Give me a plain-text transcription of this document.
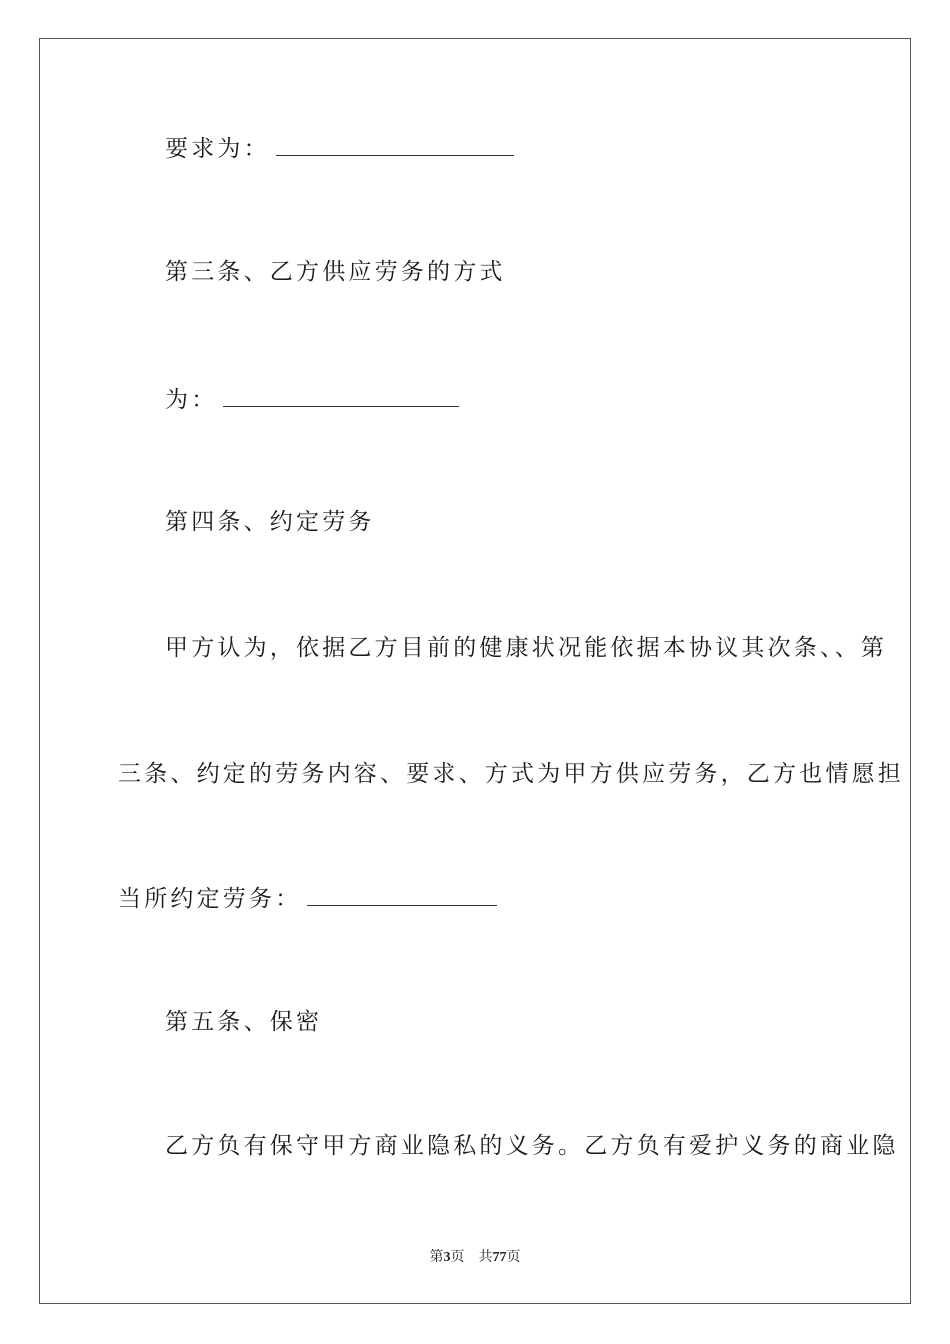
要求为：
第三条、乙方供应劳务的方式
为：
第四条、约定劳务
甲方认为，依据乙方目前的健康状况能依据本协议其次条、、第
三条、约定的劳务内容、要求、方式为甲方供应劳务，乙方也情愿担
当所约定劳务：
第五条、保密
乙方负有保守甲方商业隐私的义务。乙方负有爱护义务的商业隐
第3页 共77页
